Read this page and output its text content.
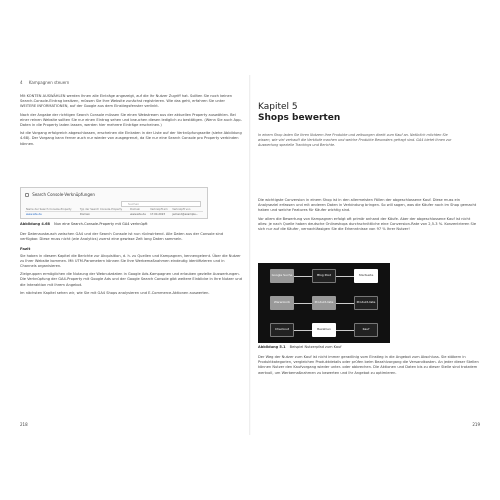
4 Kampagnen steuern

Mit KONTEN AUSWÄHLEN werden Ihnen alle Einträge angezeigt, auf die Ihr Nutzer Zugriff hat. Sollten Sie noch keinen Search-Console-Eintrag besitzen, müssen Sie Ihre Website zunächst registrieren. Wie das geht, erfahren Sie unter WEITERE INFORMATIONEN, auf der Google aus dem Einstiegsfenster verlinkt.

Nach der Angabe der richtigen Search Console müssen Sie einen Webstream aus der aktuellen Property auswählen. Bei einer reinen Website sollten Sie nur einen Eintrag sehen und brauchen diesen lediglich zu bestätigen. (Wenn Sie auch App-Daten in die Property laden lassen, werden hier mehrere Einträge erscheinen.)

Ist die Vorgang erfolgreich abgeschlossen, erscheinen die Einkaten in der Liste auf der Verknüpfungsseite (siehe Abbildung 4.68). Der Vorgang kann ferner auch nur wieder von ausgegrenzt, da Sie nur eine Search Console pro Property verbinden können.

Search Console-Verknüpfungen
Suchen
Name der Search Console-Property	Typ der Search Console-Property	Domain	Verknüpft am	Verknüpft von
www.site.de	Domain	www.site.de	17.04.2023	jemand@example...
Abbildung 4.68 Nun eine Search-Console-Property mit GA4 verknüpft

Der Datenaustausch zwischen GA4 und der Search Console ist nun rückwirkend. Alle Daten aus der Console sind verfügbar. Diese muss nicht (wie Analytics) zuerst eine gewisse Zeit lang Daten sammeln.

Fazit

Sie haben in diesem Kapitel die Berichte zur Akquisition, d. h. zu Quellen und Kampagnen, kennengelernt. Über die Nutzer zu Ihrer Website kommen. Mit UTM-Parametern können Sie Ihre Werbemaßnahmen eindeutig identifizieren und in Channels organisieren.

Zielgruppen ermöglichen die Nutzung der Webnutzdaten in Google Ads-Kampagnen und erlauben gezielte Auswertungen. Die Verknüpfung der GA4-Property mit Google Ads und der Google Search Console gibt weitere Einblicke in Ihre Nutzer und die Interaktion mit Ihrem Angebot.

Im nächsten Kapitel sehen wir, wie Sie mit GA4 Shops analysieren und E-Commerce-Aktionen auswerten.

218
Kapitel 5
Shops bewerten
In einem Shop laden Sie Ihren Nutzern Ihre Produkte und zeitsungen direkt zum Kauf an. Natürlich möchten Sie wissen, wie viel verkauft die Verkäufe machen und welche Produkte Besonders gefragt sind. GA4 bietet Ihnen zur Auswertung spezielle Trackings und Berichte.

Die wichtigste Conversion in einem Shop ist in den allermeisten Fällen der abgeschlossene Kauf. Diese muss ein Analyseziel erfassen und mit anderen Daten in Verbindung bringen. So will sagen, was die Käufer noch im Shop gemacht haben und welche Features für Käufer wichtig sind.

Vor allem die Bewertung von Kampagnen erfolgt oft primär anhand der Käufe. Aber der abgeschlossene Kauf ist nicht alles: je nach Quelle haben deutsche Onlineshops durchschnittliche eine Conversion-Rate von 2,5-3 %. Konzentrieren Sie sich nur auf die Käufer, vernachlässigen Sie die Erkenntnisse von 97 % Ihrer Nutzer!

Google Suche	Blog Post	Startseite
Warenkorb	Produkt-liste	Produkt-liste
Checkout	Bezahlen	Kauf
Abbildung 5.1 Beispiel Nutzerpfad zum Kauf

Der Weg der Nutzer zum Kauf ist nicht immer geradlinig vom Einstieg in die Angebot zum Abschluss. Sie stöbern in Produktkategorien, vergleichen Produktdetails oder prüfen beim Bezahlvorgang die Versandkosten. An jeder dieser Stellen können Nutzer den Kaufvorgang wieder unter- oder abbrechen. Die Aktionen und Daten bis zu dieser Stelle sind trotzdem wertvoll, um Werbemaßnahmen zu bewerten und Ihr Angebot zu optimieren.

219
